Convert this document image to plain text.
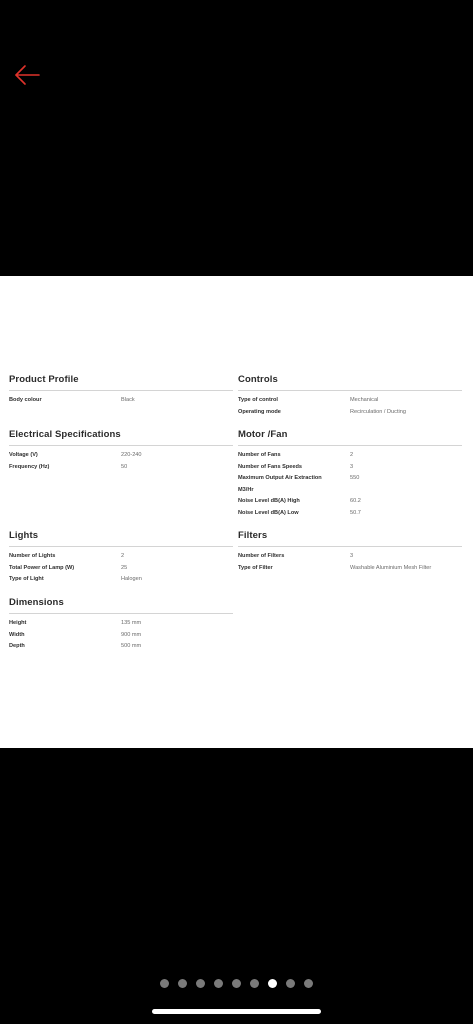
Product Profile
Body colour	Black
Controls
Type of control	Mechanical
Operating mode	Recirculation / Ducting
Electrical Specifications
Voltage (V)	220-240
Frequency (Hz)	50
Motor /Fan
Number of Fans	2
Number of Fans Speeds	3
Maximum Output Air Extraction	550
M3/Hr
Noise Level dB(A) High	60.2
Noise Level dB(A) Low	50.7
Lights
Number of Lights	2
Total Power of Lamp (W)	25
Type of Light	Halogen
Filters
Number of Filters	3
Type of Filter	Washable Aluminium Mesh Filter
Dimensions
Height	135 mm
Width	900 mm
Depth	500 mm
